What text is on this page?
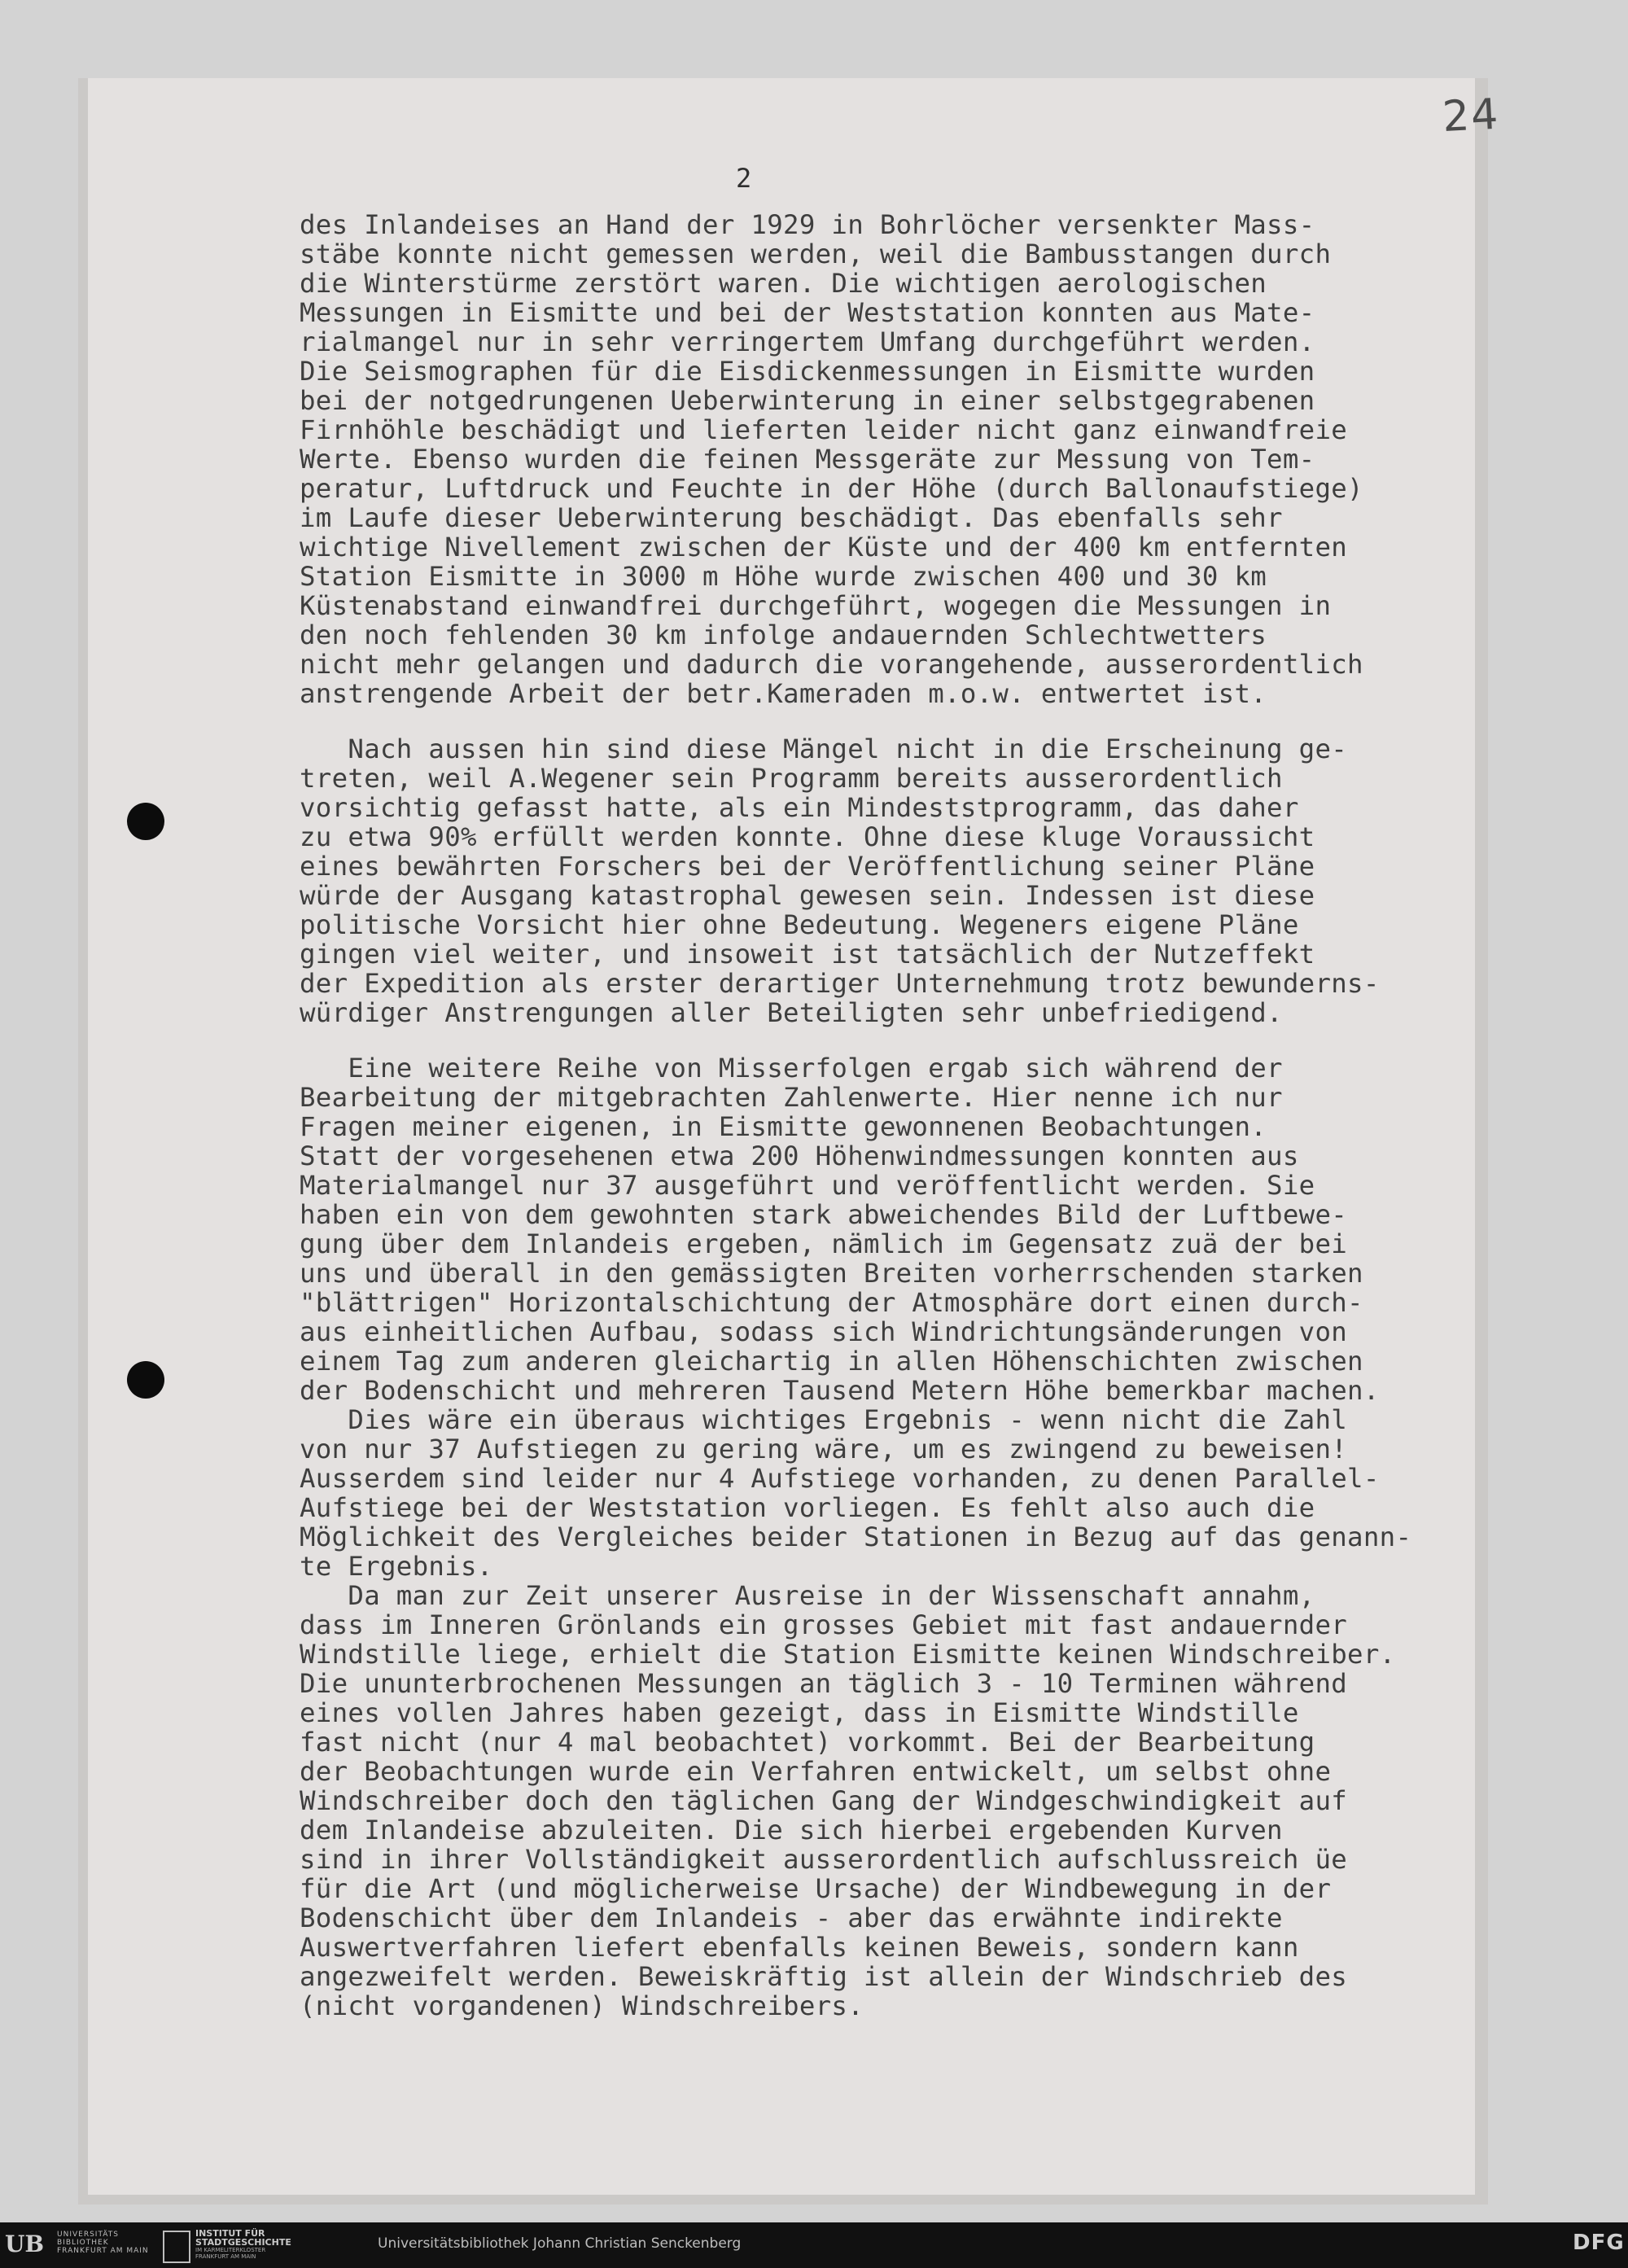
24
2
des Inlandeises an Hand der 1929 in Bohrlöcher versenkter Mass-
stäbe konnte nicht gemessen werden, weil die Bambusstangen durch
die Winterstürme zerstört waren. Die wichtigen aerologischen
Messungen in Eismitte und bei der Weststation konnten aus Mate-
rialmangel nur in sehr verringertem Umfang durchgeführt werden.
Die Seismographen für die Eisdickenmessungen in Eismitte wurden
bei der notgedrungenen Ueberwinterung in einer selbstgegrabenen
Firnhöhle beschädigt und lieferten leider nicht ganz einwandfreie
Werte. Ebenso wurden die feinen Messgeräte zur Messung von Tem-
peratur, Luftdruck und Feuchte in der Höhe (durch Ballonaufstiege)
im Laufe dieser Ueberwinterung beschädigt. Das ebenfalls sehr
wichtige Nivellement zwischen der Küste und der 400 km entfernten
Station Eismitte in 3000 m Höhe wurde zwischen 400 und 30 km
Küstenabstand einwandfrei durchgeführt, wogegen die Messungen in
den noch fehlenden 30 km infolge andauernden Schlechtwetters
nicht mehr gelangen und dadurch die vorangehende, ausserordentlich
anstrengende Arbeit der betr.Kameraden m.o.w. entwertet ist.
Nach aussen hin sind diese Mängel nicht in die Erscheinung ge-
treten, weil A.Wegener sein Programm bereits ausserordentlich
vorsichtig gefasst hatte, als ein Mindeststprogramm, das daher
zu etwa 90% erfüllt werden konnte. Ohne diese kluge Voraussicht
eines bewährten Forschers bei der Veröffentlichung seiner Pläne
würde der Ausgang katastrophal gewesen sein. Indessen ist diese
politische Vorsicht hier ohne Bedeutung. Wegeners eigene Pläne
gingen viel weiter, und insoweit ist tatsächlich der Nutzeffekt
der Expedition als erster derartiger Unternehmung trotz bewunderns-
würdiger Anstrengungen aller Beteiligten sehr unbefriedigend.
Eine weitere Reihe von Misserfolgen ergab sich während der
Bearbeitung der mitgebrachten Zahlenwerte. Hier nenne ich nur
Fragen meiner eigenen, in Eismitte gewonnenen Beobachtungen.
Statt der vorgesehenen etwa 200 Höhenwindmessungen konnten aus
Materialmangel nur 37 ausgeführt und veröffentlicht werden. Sie
haben ein von dem gewohnten stark abweichendes Bild der Luftbewe-
gung über dem Inlandeis ergeben, nämlich im Gegensatz zuä der bei
uns und überall in den gemässigten Breiten vorherrschenden starken
"blättrigen" Horizontalschichtung der Atmosphäre dort einen durch-
aus einheitlichen Aufbau, sodass sich Windrichtungsänderungen von
einem Tag zum anderen gleichartig in allen Höhenschichten zwischen
der Bodenschicht und mehreren Tausend Metern Höhe bemerkbar machen.
Dies wäre ein überaus wichtiges Ergebnis - wenn nicht die Zahl
von nur 37 Aufstiegen zu gering wäre, um es zwingend zu beweisen!
Ausserdem sind leider nur 4 Aufstiege vorhanden, zu denen Parallel-
Aufstiege bei der Weststation vorliegen. Es fehlt also auch die
Möglichkeit des Vergleiches beider Stationen in Bezug auf das genann-
te Ergebnis.
Da man zur Zeit unserer Ausreise in der Wissenschaft annahm,
dass im Inneren Grönlands ein grosses Gebiet mit fast andauernder
Windstille liege, erhielt die Station Eismitte keinen Windschreiber.
Die ununterbrochenen Messungen an täglich 3 - 10 Terminen während
eines vollen Jahres haben gezeigt, dass in Eismitte Windstille
fast nicht (nur 4 mal beobachtet) vorkommt. Bei der Bearbeitung
der Beobachtungen wurde ein Verfahren entwickelt, um selbst ohne
Windschreiber doch den täglichen Gang der Windgeschwindigkeit auf
dem Inlandeise abzuleiten. Die sich hierbei ergebenden Kurven
sind in ihrer Vollständigkeit ausserordentlich aufschlussreich üe
für die Art (und möglicherweise Ursache) der Windbewegung in der
Bodenschicht über dem Inlandeis - aber das erwähnte indirekte
Auswertverfahren liefert ebenfalls keinen Beweis, sondern kann
angezweifelt werden. Beweiskräftig ist allein der Windschrieb des
(nicht vorgandenen) Windschreibers.
UB UNIVERSITÄTS
BIBLIOTHEK
FRANKFURT AM MAIN
INSTITUT FÜR
STADTGESCHICHTE
IM KARMELITERKLOSTER
FRANKFURT AM MAIN
Universitätsbibliothek Johann Christian Senckenberg	DFG
